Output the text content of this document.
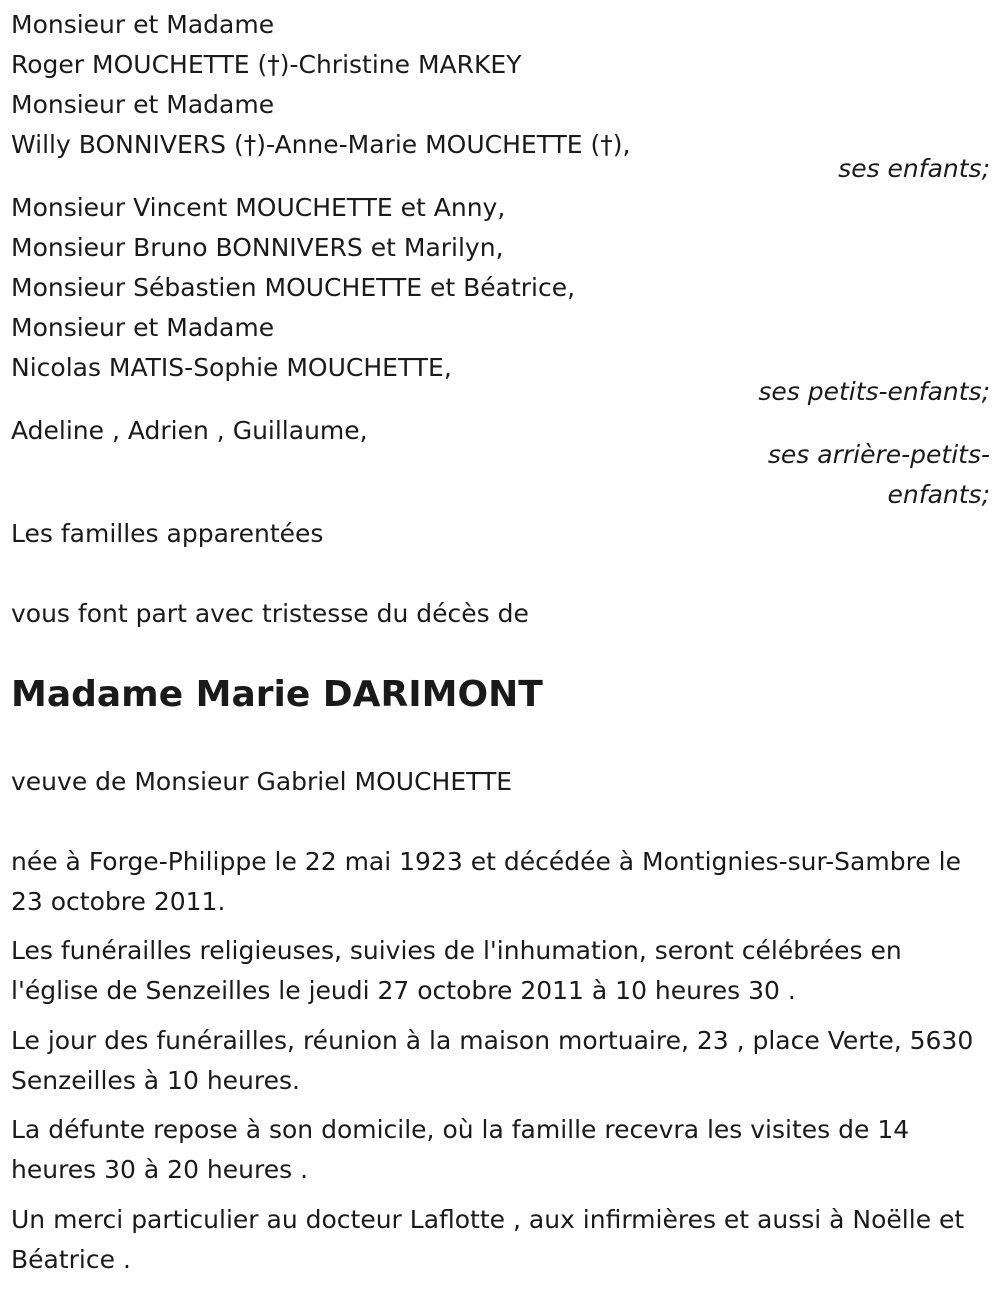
Monsieur et Madame
Roger MOUCHETTE (†)-Christine MARKEY
Monsieur et Madame
Willy BONNIVERS (†)-Anne-Marie MOUCHETTE (†),
ses enfants;
Monsieur Vincent MOUCHETTE et Anny,
Monsieur Bruno BONNIVERS et Marilyn,
Monsieur Sébastien MOUCHETTE et Béatrice,
Monsieur et Madame
Nicolas MATIS-Sophie MOUCHETTE,
ses petits-enfants;
Adeline , Adrien , Guillaume,
ses arrière-petits-
enfants;
Les familles apparentées
vous font part avec tristesse du décès de
Madame Marie DARIMONT
veuve de Monsieur Gabriel MOUCHETTE
née à Forge-Philippe le 22 mai 1923 et décédée à Montignies-sur-Sambre le 23 octobre 2011.
Les funérailles religieuses, suivies de l'inhumation, seront célébrées en l'église de Senzeilles le jeudi 27 octobre 2011 à 10 heures 30 .
Le jour des funérailles, réunion à la maison mortuaire, 23 , place Verte, 5630 Senzeilles à 10 heures.
La défunte repose à son domicile, où la famille recevra les visites de 14 heures 30 à 20 heures .
Un merci particulier au docteur Laflotte , aux infirmières et aussi à Noëlle et Béatrice .
